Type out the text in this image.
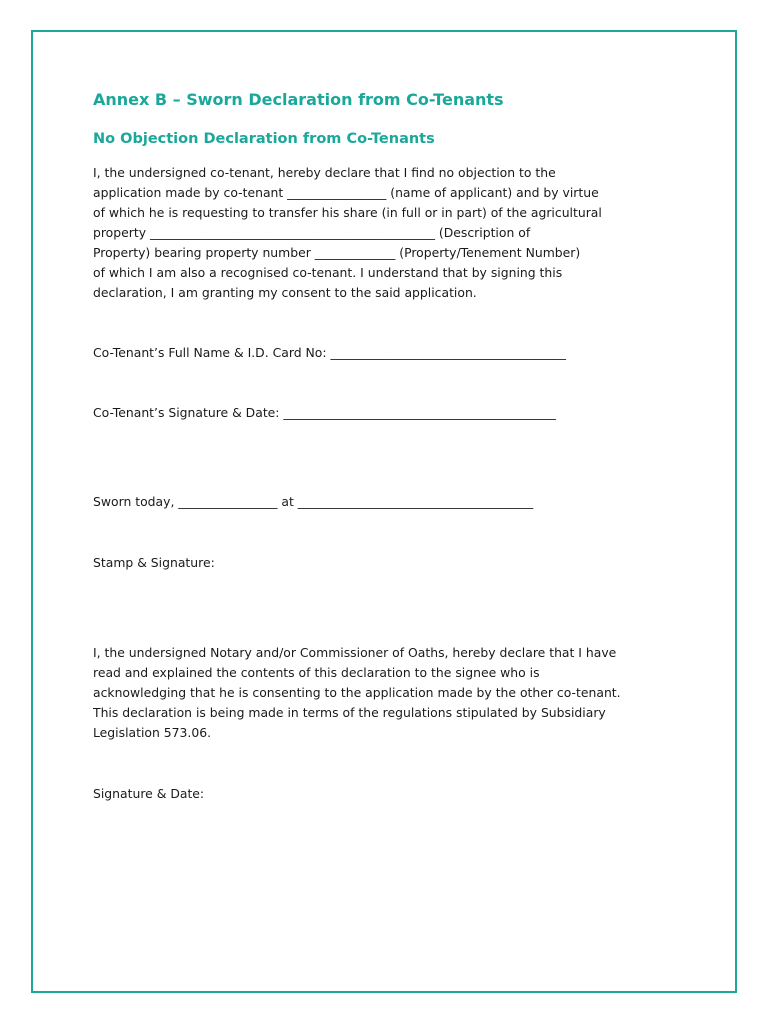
Annex B – Sworn Declaration from Co-Tenants
No Objection Declaration from Co-Tenants
I, the undersigned co-tenant, hereby declare that I find no objection to the
application made by co-tenant ________________ (name of applicant) and by virtue
of which he is requesting to transfer his share (in full or in part) of the agricultural
property ______________________________________________ (Description of
Property) bearing property number _____________ (Property/Tenement Number)
of which I am also a recognised co-tenant. I understand that by signing this
declaration, I am granting my consent to the said application.

Co-Tenant’s Full Name & I.D. Card No: ______________________________________

Co-Tenant’s Signature & Date: ____________________________________________

Sworn today, ________________ at ______________________________________

Stamp & Signature:

I, the undersigned Notary and/or Commissioner of Oaths, hereby declare that I have
read and explained the contents of this declaration to the signee who is
acknowledging that he is consenting to the application made by the other co-tenant.
This declaration is being made in terms of the regulations stipulated by Subsidiary
Legislation 573.06.

Signature & Date:
